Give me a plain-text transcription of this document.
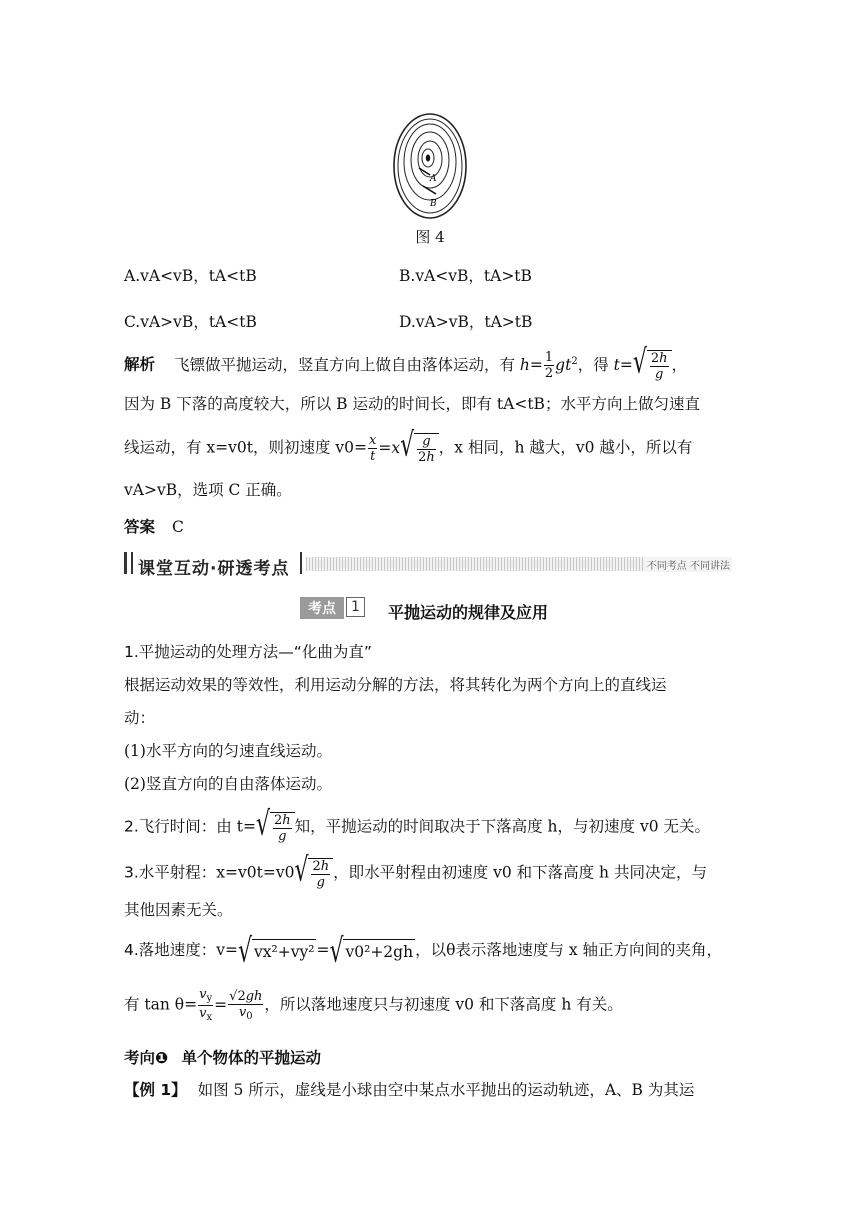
A
B
图 4
A.vA<vB，tA<tB	B.vA<vB，tA>tB
C.vA>vB，tA<tB	D.vA>vB，tA>tB
解析 飞镖做平抛运动，竖直方向上做自由落体运动，有 $h= \frac{1}{2} gt^2$，得 t= √ $\frac{2h}{g}$ ，
因为 B 下落的高度较大，所以 B 运动的时间长，即有 tA<tB；水平方向上做匀速直
线运动，有 x=v0t，则初速度 $v0= \frac{x}{t} =x$ √ $\frac{g}{2h}$ ，x 相同，h 越大，v0 越小，所以有
vA>vB，选项 C 正确。
答案 C
课堂互动·研透考点	不同考点 不同讲法
考点 1	平抛运动的规律及应用
1.平抛运动的处理方法—“化曲为直”
根据运动效果的等效性，利用运动分解的方法，将其转化为两个方向上的直线运
动：
(1)水平方向的匀速直线运动。
(2)竖直方向的自由落体运动。
2.飞行时间：由 t= √ $\frac{2h}{g}$ 知，平抛运动的时间取决于下落高度 h，与初速度 v0 无关。
3.水平射程：x=v0t=v0 √ $\frac{2h}{g}$ ，即水平射程由初速度 v0 和下落高度 h 共同决定，与
其他因素无关。
4.落地速度：v= √ vx²+vy² = √ v0²+2gh ，以θ表示落地速度与 x 轴正方向间的夹角，
有 $\tan \theta= \frac{v_y}{v_x} = \frac{√2gh}{v_0}$ ，所以落地速度只与初速度 v0 和下落高度 h 有关。
考向❶ 单个物体的平抛运动
【例 1】 如图 5 所示，虚线是小球由空中某点水平抛出的运动轨迹，A、B 为其运
